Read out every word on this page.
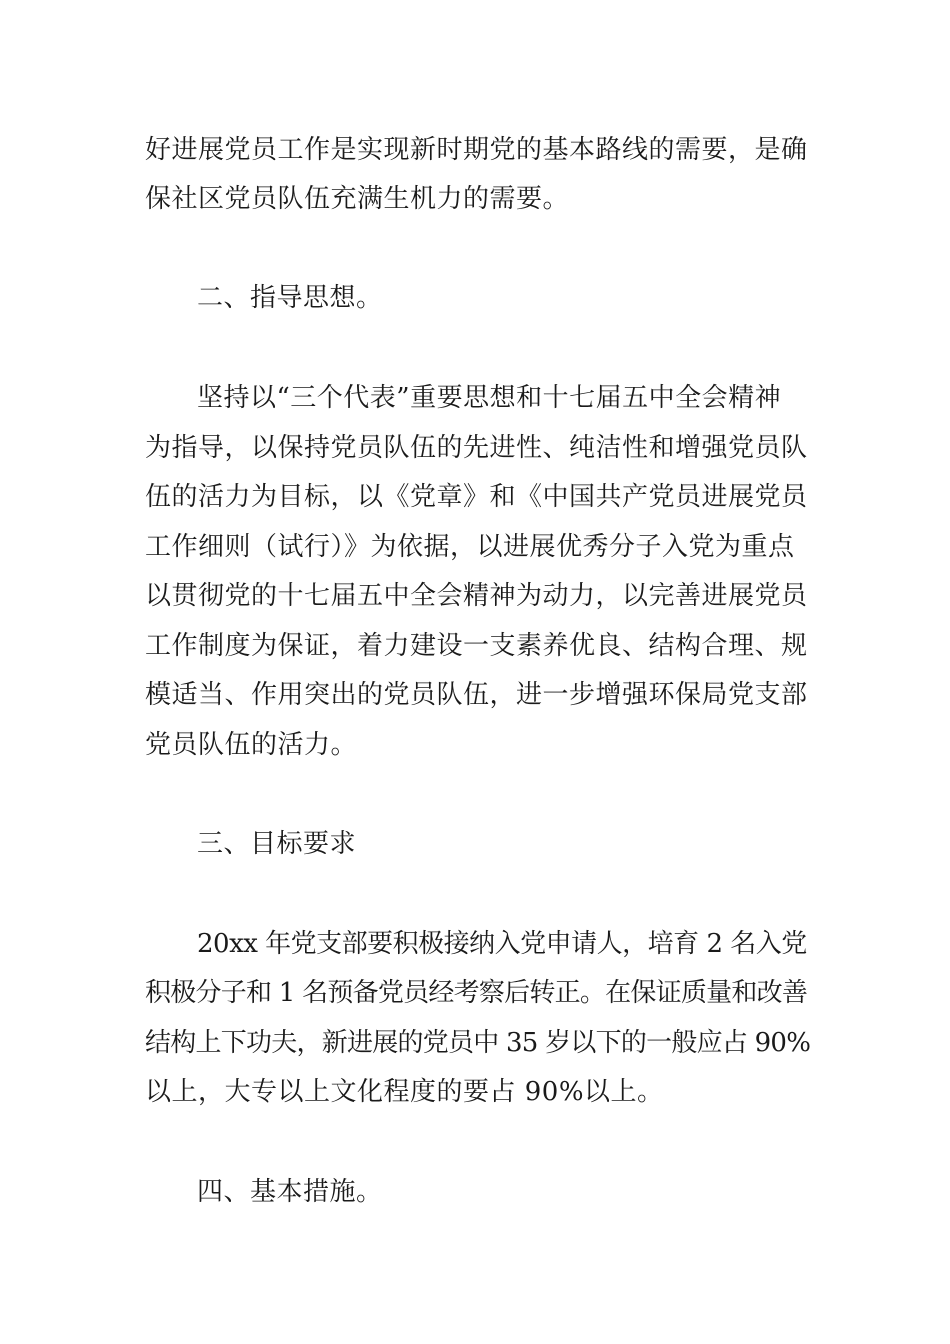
好进展党员工作是实现新时期党的基本路线的需要，是确
保社区党员队伍充满生机力的需要。
二、指导思想。
坚持以“三个代表”重要思想和十七届五中全会精神
为指导，以保持党员队伍的先进性、纯洁性和增强党员队
伍的活力为目标，以《党章》和《中国共产党员进展党员
工作细则（试行）》为依据，以进展优秀分子入党为重点
以贯彻党的十七届五中全会精神为动力，以完善进展党员
工作制度为保证，着力建设一支素养优良、结构合理、规
模适当、作用突出的党员队伍，进一步增强环保局党支部
党员队伍的活力。
三、目标要求
20xx 年党支部要积极接纳入党申请人，培育 2 名入党
积极分子和 1 名预备党员经考察后转正。在保证质量和改善
结构上下功夫，新进展的党员中 35 岁以下的一般应占 90%
以上，大专以上文化程度的要占 90%以上。
四、基本措施。
